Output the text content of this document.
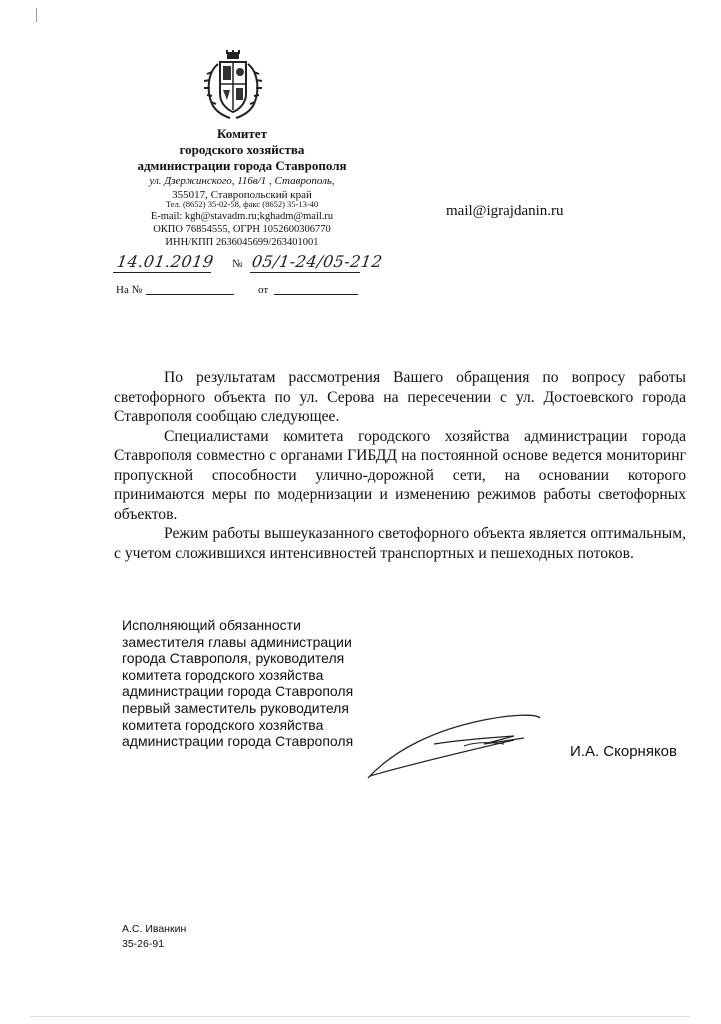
Комитет
городского хозяйства
администрации города Ставрополя
ул. Дзержинского, 116в/1 , Ставрополь,
355017, Ставропольский край
Тел. (8652) 35-02-58, факс (8652) 35-13-40
E-mail: kgh@stavadm.ru;kghadm@mail.ru
ОКПО 76854555, ОГРН 1052600306770
ИНН/КПП 2636045699/263401001
14.01.2019 № 05/1-24/05-212
На №	от
mail@igrajdanin.ru

По результатам рассмотрения Вашего обращения по вопросу работы светофорного объекта по ул. Серова на пересечении с ул. Достоевского города Ставрополя сообщаю следующее.

Специалистами комитета городского хозяйства администрации города Ставрополя совместно с органами ГИБДД на постоянной основе ведется мониторинг пропускной способности улично-дорожной сети, на основании которого принимаются меры по модернизации и изменению режимов работы светофорных объектов.

Режим работы вышеуказанного светофорного объекта является оптимальным, с учетом сложившихся интенсивностей транспортных и пешеходных потоков.

Исполняющий обязанности
заместителя главы администрации
города Ставрополя, руководителя
комитета городского хозяйства
администрации города Ставрополя
первый заместитель руководителя
комитета городского хозяйства
администрации города Ставрополя
И.А. Скорняков
А.С. Иванкин
35-26-91
